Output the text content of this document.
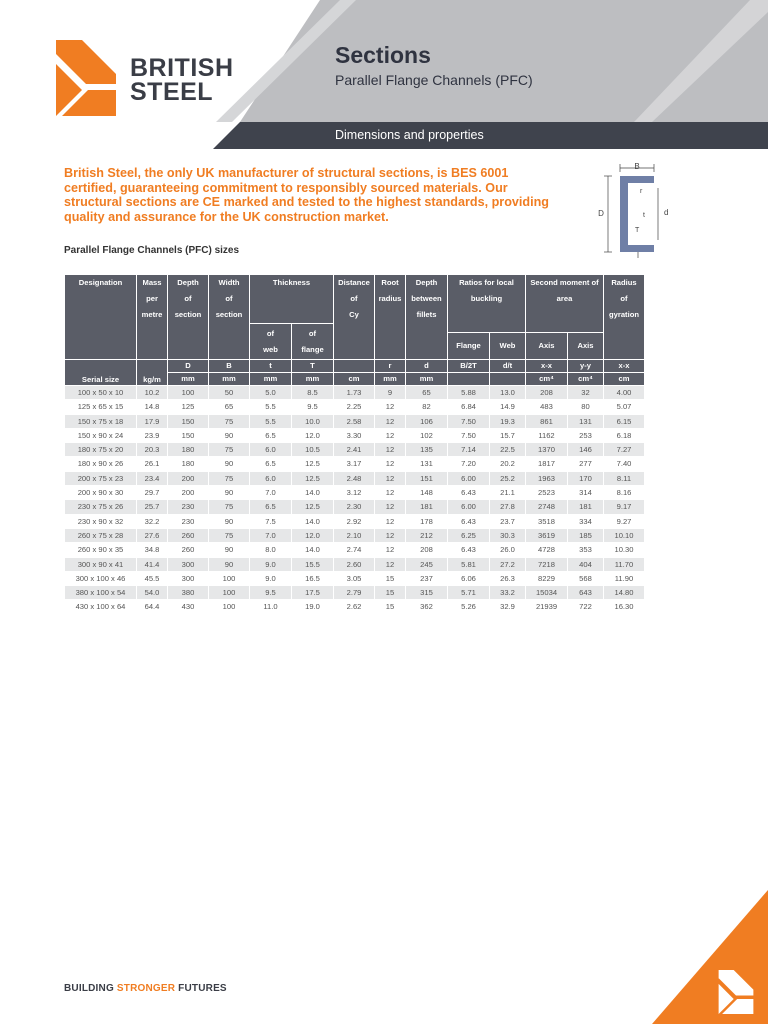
BRITISH
STEEL
Sections
Parallel Flange Channels (PFC)
Dimensions and properties

British Steel, the only UK manufacturer of structural sections, is BES 6001 certified, guaranteeing commitment to responsibly sourced materials. Our structural sections are CE marked and tested to the highest standards, providing quality and assurance for the UK construction market.

B
r
D	t d
T
Parallel Flange Channels (PFC) sizes
Designation	Mass
per
metre	Depth
of
section	Width
of
section	Thickness		Distance
of
Cy	Root
radius	Depth
between
fillets	Ratios for local buckling		Second moment of area		Radius
of
gyration
				of
web	of
flange								
									Flange	Web	Axis	Axis	
Serial size	kg/m	D	B	t	T		r	d	B/2T	d/t	x-x	y-y	x-x
		mm	mm	mm	mm	cm	mm	mm			cm⁴	cm⁴	cm
100 x 50 x 10	10.2	100	50	5.0	8.5	1.73	9	65	5.88	13.0	208	32	4.00
125 x 65 x 15	14.8	125	65	5.5	9.5	2.25	12	82	6.84	14.9	483	80	5.07
150 x 75 x 18	17.9	150	75	5.5	10.0	2.58	12	106	7.50	19.3	861	131	6.15
150 x 90 x 24	23.9	150	90	6.5	12.0	3.30	12	102	7.50	15.7	1162	253	6.18
180 x 75 x 20	20.3	180	75	6.0	10.5	2.41	12	135	7.14	22.5	1370	146	7.27
180 x 90 x 26	26.1	180	90	6.5	12.5	3.17	12	131	7.20	20.2	1817	277	7.40
200 x 75 x 23	23.4	200	75	6.0	12.5	2.48	12	151	6.00	25.2	1963	170	8.11
200 x 90 x 30	29.7	200	90	7.0	14.0	3.12	12	148	6.43	21.1	2523	314	8.16
230 x 75 x 26	25.7	230	75	6.5	12.5	2.30	12	181	6.00	27.8	2748	181	9.17
230 x 90 x 32	32.2	230	90	7.5	14.0	2.92	12	178	6.43	23.7	3518	334	9.27
260 x 75 x 28	27.6	260	75	7.0	12.0	2.10	12	212	6.25	30.3	3619	185	10.10
260 x 90 x 35	34.8	260	90	8.0	14.0	2.74	12	208	6.43	26.0	4728	353	10.30
300 x 90 x 41	41.4	300	90	9.0	15.5	2.60	12	245	5.81	27.2	7218	404	11.70
300 x 100 x 46	45.5	300	100	9.0	16.5	3.05	15	237	6.06	26.3	8229	568	11.90
380 x 100 x 54	54.0	380	100	9.5	17.5	2.79	15	315	5.71	33.2	15034	643	14.80
430 x 100 x 64	64.4	430	100	11.0	19.0	2.62	15	362	5.26	32.9	21939	722	16.30
BUILDING STRONGER FUTURES
